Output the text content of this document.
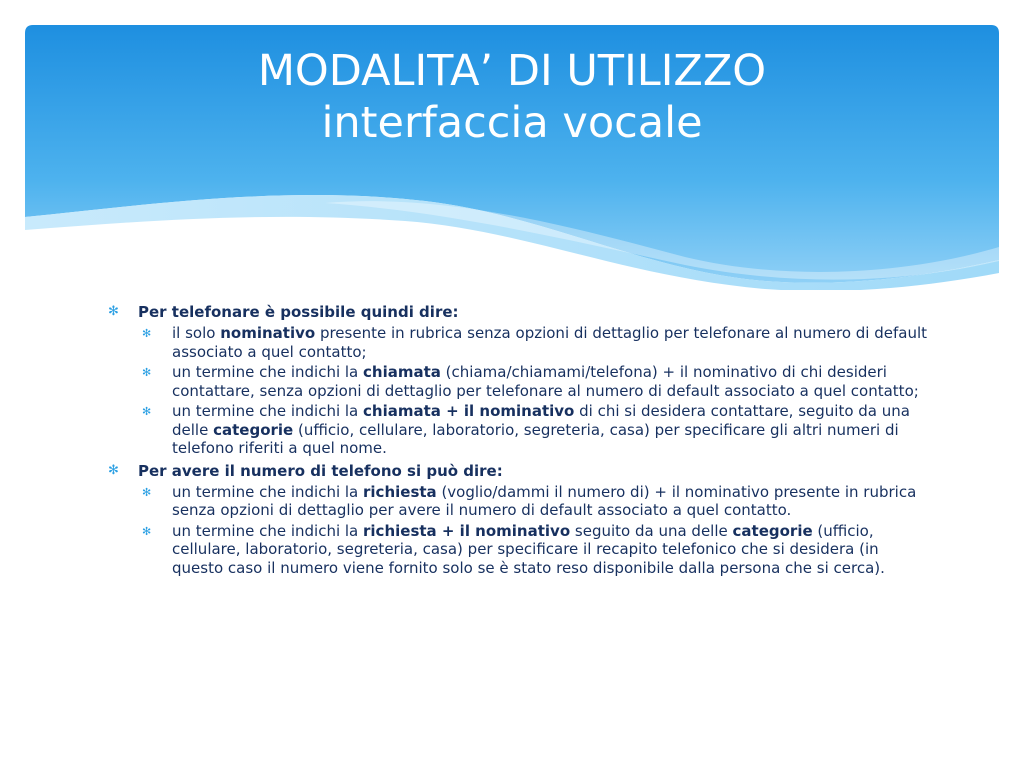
MODALITA’ DI UTILIZZO
interfaccia vocale
✻ Per telefonare è possibile quindi dire:
✻ il solo nominativo presente in rubrica senza opzioni di dettaglio per telefonare al numero di default associato a quel contatto;
✻ un termine che indichi la chiamata (chiama/chiamami/telefona) + il nominativo di chi desideri contattare, senza opzioni di dettaglio per telefonare al numero di default associato a quel contatto;
✻ un termine che indichi la chiamata + il nominativo di chi si desidera contattare, seguito da una delle categorie (ufficio, cellulare, laboratorio, segreteria, casa) per specificare gli altri numeri di telefono riferiti a quel nome.
✻ Per avere il numero di telefono si può dire:
✻ un termine che indichi la richiesta (voglio/dammi il numero di) + il nominativo presente in rubrica senza opzioni di dettaglio per avere il numero di default associato a quel contatto.
✻ un termine che indichi la richiesta + il nominativo seguito da una delle categorie (ufficio, cellulare, laboratorio, segreteria, casa) per specificare il recapito telefonico che si desidera (in questo caso il numero viene fornito solo se è stato reso disponibile dalla persona che si cerca).
